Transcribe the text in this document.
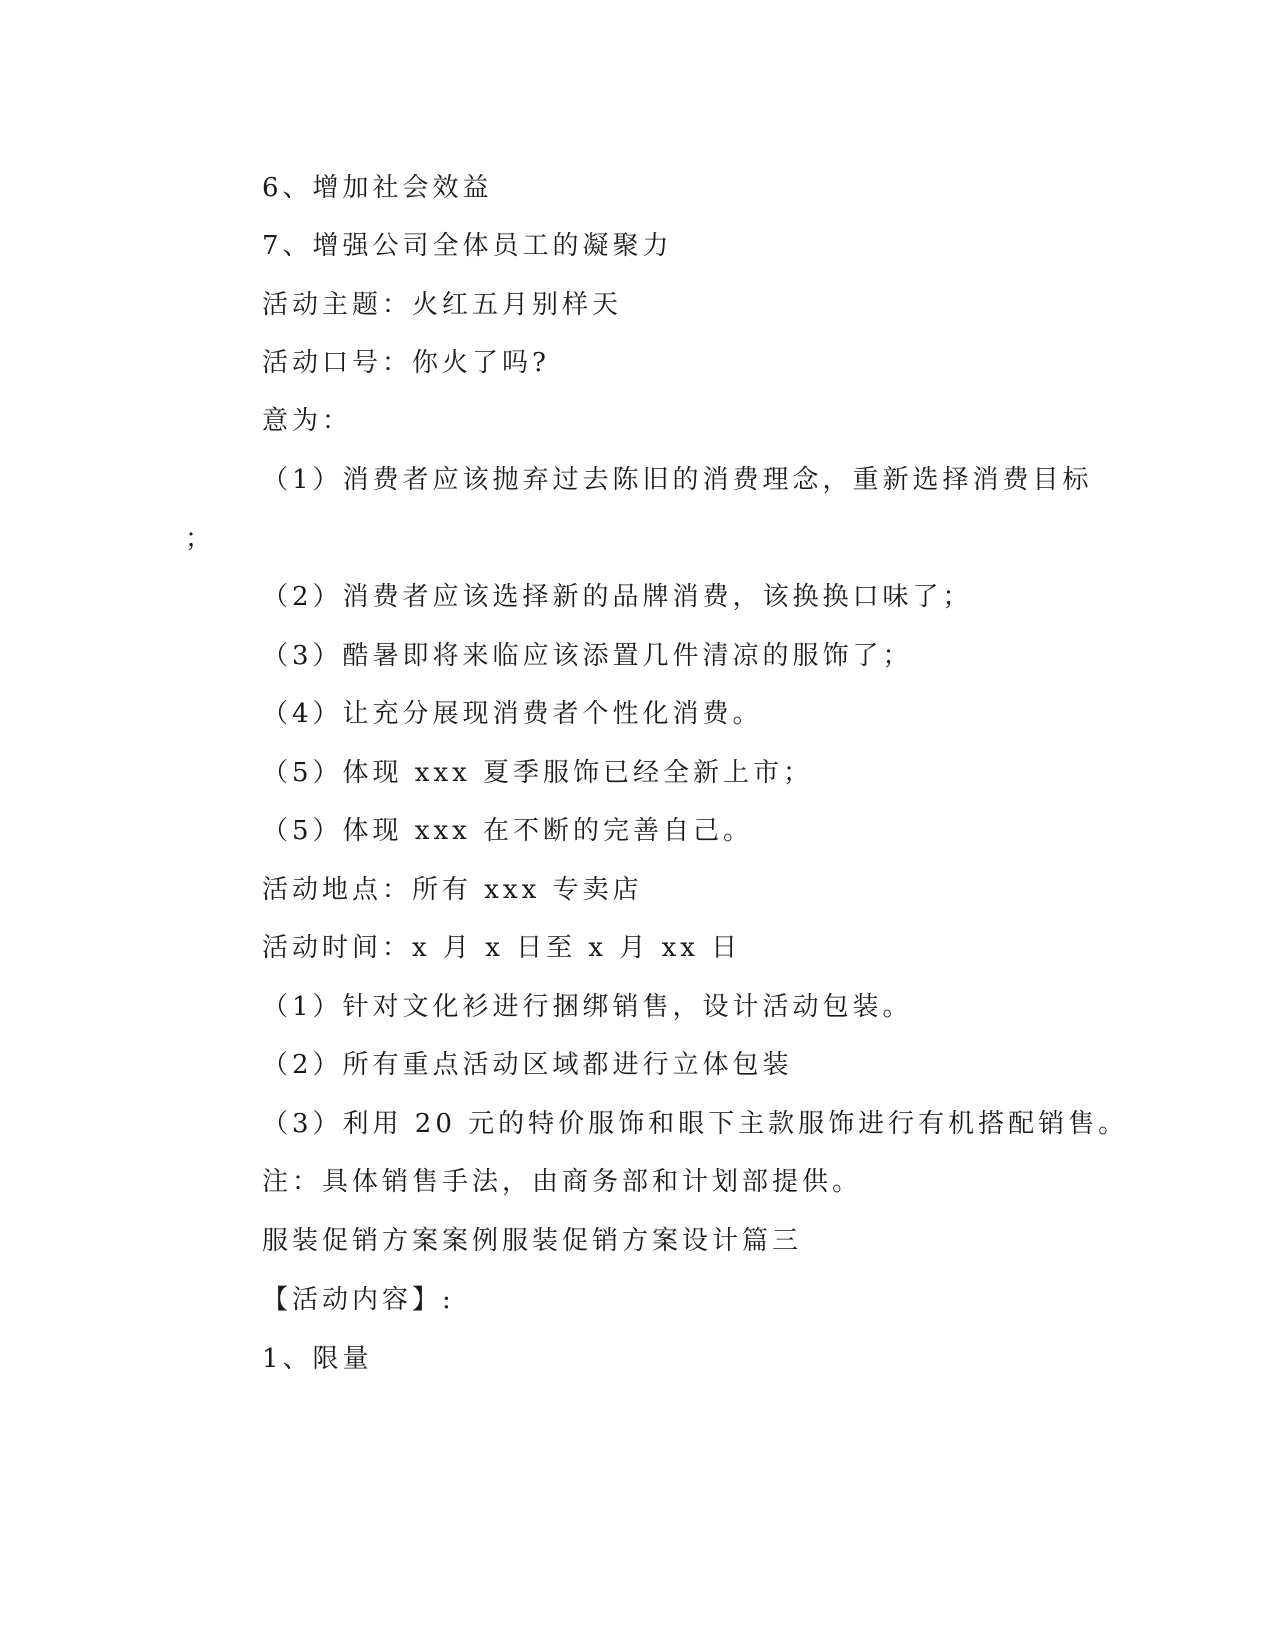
6、增加社会效益
7、增强公司全体员工的凝聚力
活动主题：火红五月别样天
活动口号：你火了吗?
意为：
（1）消费者应该抛弃过去陈旧的消费理念，重新选择消费目标
；
（2）消费者应该选择新的品牌消费，该换换口味了；
（3）酷暑即将来临应该添置几件清凉的服饰了；
（4）让充分展现消费者个性化消费。
（5）体现 xxx 夏季服饰已经全新上市；
（5）体现 xxx 在不断的完善自己。
活动地点：所有 xxx 专卖店
活动时间：x 月 x 日至 x 月 xx 日
（1）针对文化衫进行捆绑销售，设计活动包装。
（2）所有重点活动区域都进行立体包装
（3）利用 20 元的特价服饰和眼下主款服饰进行有机搭配销售。
注：具体销售手法，由商务部和计划部提供。
服装促销方案案例服装促销方案设计篇三
【活动内容】:
1、限量
